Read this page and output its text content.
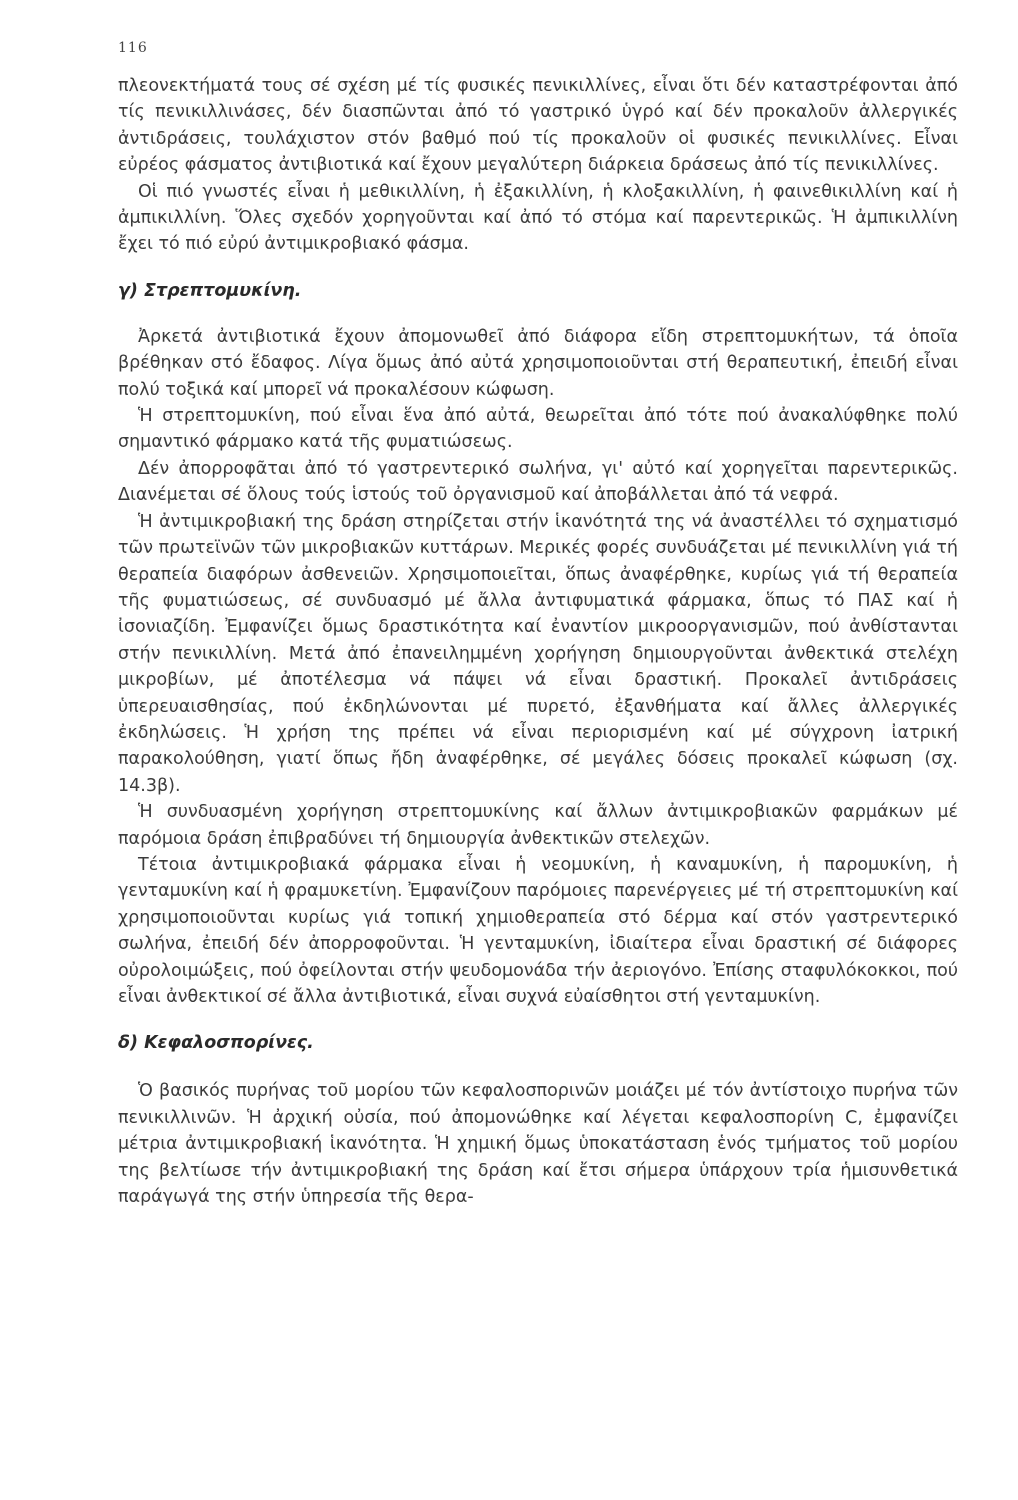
116

πλεονεκτήματά τους σέ σχέση μέ τίς φυσικές πενικιλλίνες, εἶναι ὅτι δέν καταστρέφονται ἀπό τίς πενικιλλινάσες, δέν διασπῶνται ἀπό τό γαστρικό ὑγρό καί δέν προκαλοῦν ἀλλεργικές ἀντιδράσεις, τουλάχιστον στόν βαθμό πού τίς προκαλοῦν οἱ φυσικές πενικιλλίνες. Εἶναι εὐρέος φάσματος ἀντιβιοτικά καί ἔχουν μεγαλύτερη διάρκεια δράσεως ἀπό τίς πενικιλλίνες.

Οἱ πιό γνωστές εἶναι ἡ μεθικιλλίνη, ἡ ἐξακιλλίνη, ἡ κλοξακιλλίνη, ἡ φαινεθικιλλίνη καί ἡ ἀμπικιλλίνη. Ὅλες σχεδόν χορηγοῦνται καί ἀπό τό στόμα καί παρεντερικῶς. Ἡ ἀμπικιλλίνη ἔχει τό πιό εὐρύ ἀντιμικροβιακό φάσμα.

γ) Στρεπτομυκίνη.

Ἀρκετά ἀντιβιοτικά ἔχουν ἀπομονωθεῖ ἀπό διάφορα εἴδη στρεπτομυκήτων, τά ὁποῖα βρέθηκαν στό ἔδαφος. Λίγα ὅμως ἀπό αὐτά χρησιμοποιοῦνται στή θεραπευτική, ἐπειδή εἶναι πολύ τοξικά καί μπορεῖ νά προκαλέσουν κώφωση.

Ἡ στρεπτομυκίνη, πού εἶναι ἕνα ἀπό αὐτά, θεωρεῖται ἀπό τότε πού ἀνακαλύφθηκε πολύ σημαντικό φάρμακο κατά τῆς φυματιώσεως.

Δέν ἀπορροφᾶται ἀπό τό γαστρεντερικό σωλήνα, γι' αὐτό καί χορηγεῖται παρεντερικῶς. Διανέμεται σέ ὅλους τούς ἱστούς τοῦ ὀργανισμοῦ καί ἀποβάλλεται ἀπό τά νεφρά.

Ἡ ἀντιμικροβιακή της δράση στηρίζεται στήν ἱκανότητά της νά ἀναστέλλει τό σχηματισμό τῶν πρωτεϊνῶν τῶν μικροβιακῶν κυττάρων. Μερικές φορές συνδυάζεται μέ πενικιλλίνη γιά τή θεραπεία διαφόρων ἀσθενειῶν. Χρησιμοποιεῖται, ὅπως ἀναφέρθηκε, κυρίως γιά τή θεραπεία τῆς φυματιώσεως, σέ συνδυασμό μέ ἄλλα ἀντιφυματικά φάρμακα, ὅπως τό ΠΑΣ καί ἡ ἰσονιαζίδη. Ἐμφανίζει ὅμως δραστικότητα καί ἐναντίον μικροοργανισμῶν, πού ἀνθίστανται στήν πενικιλλίνη. Μετά ἀπό ἐπανειλημμένη χορήγηση δημιουργοῦνται ἀνθεκτικά στελέχη μικροβίων, μέ ἀποτέλεσμα νά πάψει νά εἶναι δραστική. Προκαλεῖ ἀντιδράσεις ὑπερευαισθησίας, πού ἐκδηλώνονται μέ πυρετό, ἐξανθήματα καί ἄλλες ἀλλεργικές ἐκδηλώσεις. Ἡ χρήση της πρέπει νά εἶναι περιορισμένη καί μέ σύγχρονη ἰατρική παρακολούθηση, γιατί ὅπως ἤδη ἀναφέρθηκε, σέ μεγάλες δόσεις προκαλεῖ κώφωση (σχ. 14.3β).

Ἡ συνδυασμένη χορήγηση στρεπτομυκίνης καί ἄλλων ἀντιμικροβιακῶν φαρμάκων μέ παρόμοια δράση ἐπιβραδύνει τή δημιουργία ἀνθεκτικῶν στελεχῶν.

Τέτοια ἀντιμικροβιακά φάρμακα εἶναι ἡ νεομυκίνη, ἡ καναμυκίνη, ἡ παρομυκίνη, ἡ γενταμυκίνη καί ἡ φραμυκετίνη. Ἐμφανίζουν παρόμοιες παρενέργειες μέ τή στρεπτομυκίνη καί χρησιμοποιοῦνται κυρίως γιά τοπική χημιοθεραπεία στό δέρμα καί στόν γαστρεντερικό σωλήνα, ἐπειδή δέν ἀπορροφοῦνται. Ἡ γενταμυκίνη, ἰδιαίτερα εἶναι δραστική σέ διάφορες οὐρολοιμώξεις, πού ὀφείλονται στήν ψευδομονάδα τήν ἀεριογόνο. Ἐπίσης σταφυλόκοκκοι, πού εἶναι ἀνθεκτικοί σέ ἄλλα ἀντιβιοτικά, εἶναι συχνά εὐαίσθητοι στή γενταμυκίνη.

δ) Κεφαλοσπορίνες.

Ὁ βασικός πυρήνας τοῦ μορίου τῶν κεφαλοσπορινῶν μοιάζει μέ τόν ἀντίστοιχο πυρήνα τῶν πενικιλλινῶν. Ἡ ἀρχική οὐσία, πού ἀπομονώθηκε καί λέγεται κεφαλοσπορίνη C, ἐμφανίζει μέτρια ἀντιμικροβιακή ἱκανότητα. Ἡ χημική ὅμως ὑποκατάσταση ἑνός τμήματος τοῦ μορίου της βελτίωσε τήν ἀντιμικροβιακή της δράση καί ἔτσι σήμερα ὑπάρχουν τρία ἡμισυνθετικά παράγωγά της στήν ὑπηρεσία τῆς θερα-
